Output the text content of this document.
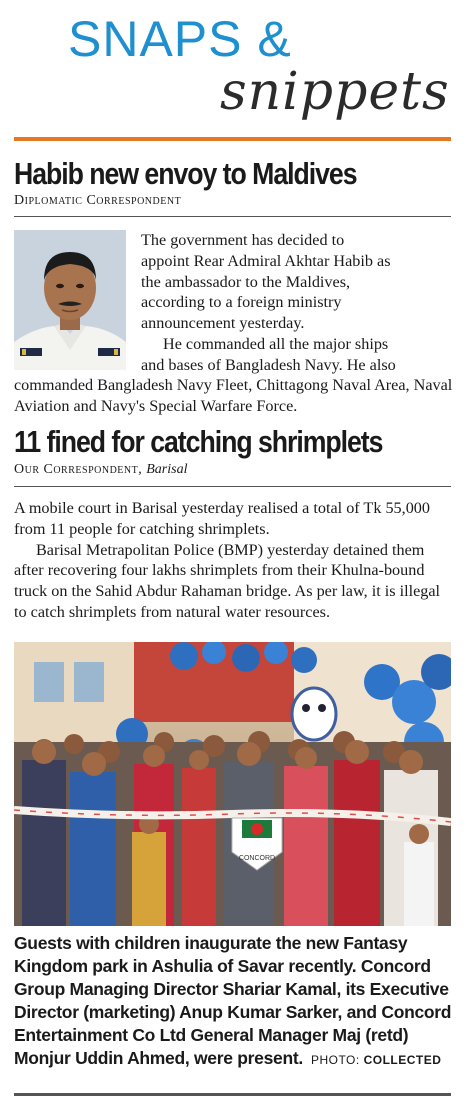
SNAPS &
snippets
Habib new envoy to Maldives
Diplomatic Correspondent

The government has decided to

appoint Rear Admiral Akhtar Habib as

the ambassador to the Maldives,

according to a foreign ministry

announcement yesterday.

He commanded all the major ships

and bases of Bangladesh Navy. He also

commanded Bangladesh Navy Fleet, Chittagong Naval Area, Naval Aviation and Navy's Special Warfare Force.
11 fined for catching shrimplets
Our Correspondent, Barisal

A mobile court in Barisal yesterday realised a total of Tk 55,000 from 11 people for catching shrimplets.

Barisal Metrapolitan Police (BMP) yesterday detained them after recovering four lakhs shrimplets from their Khulna-bound truck on the Sahid Abdur Rahaman bridge. As per law, it is illegal to catch shrimplets from natural water resources.

CONCORD
Guests with children inaugurate the new Fantasy Kingdom park in Ashulia of Savar recently. Concord Group Managing Director Shariar Kamal, its Executive Director (marketing) Anup Kumar Sarker, and Concord Entertainment Co Ltd General Manager Maj (retd) Monjur Uddin Ahmed, were present. PHOTO: COLLECTED
